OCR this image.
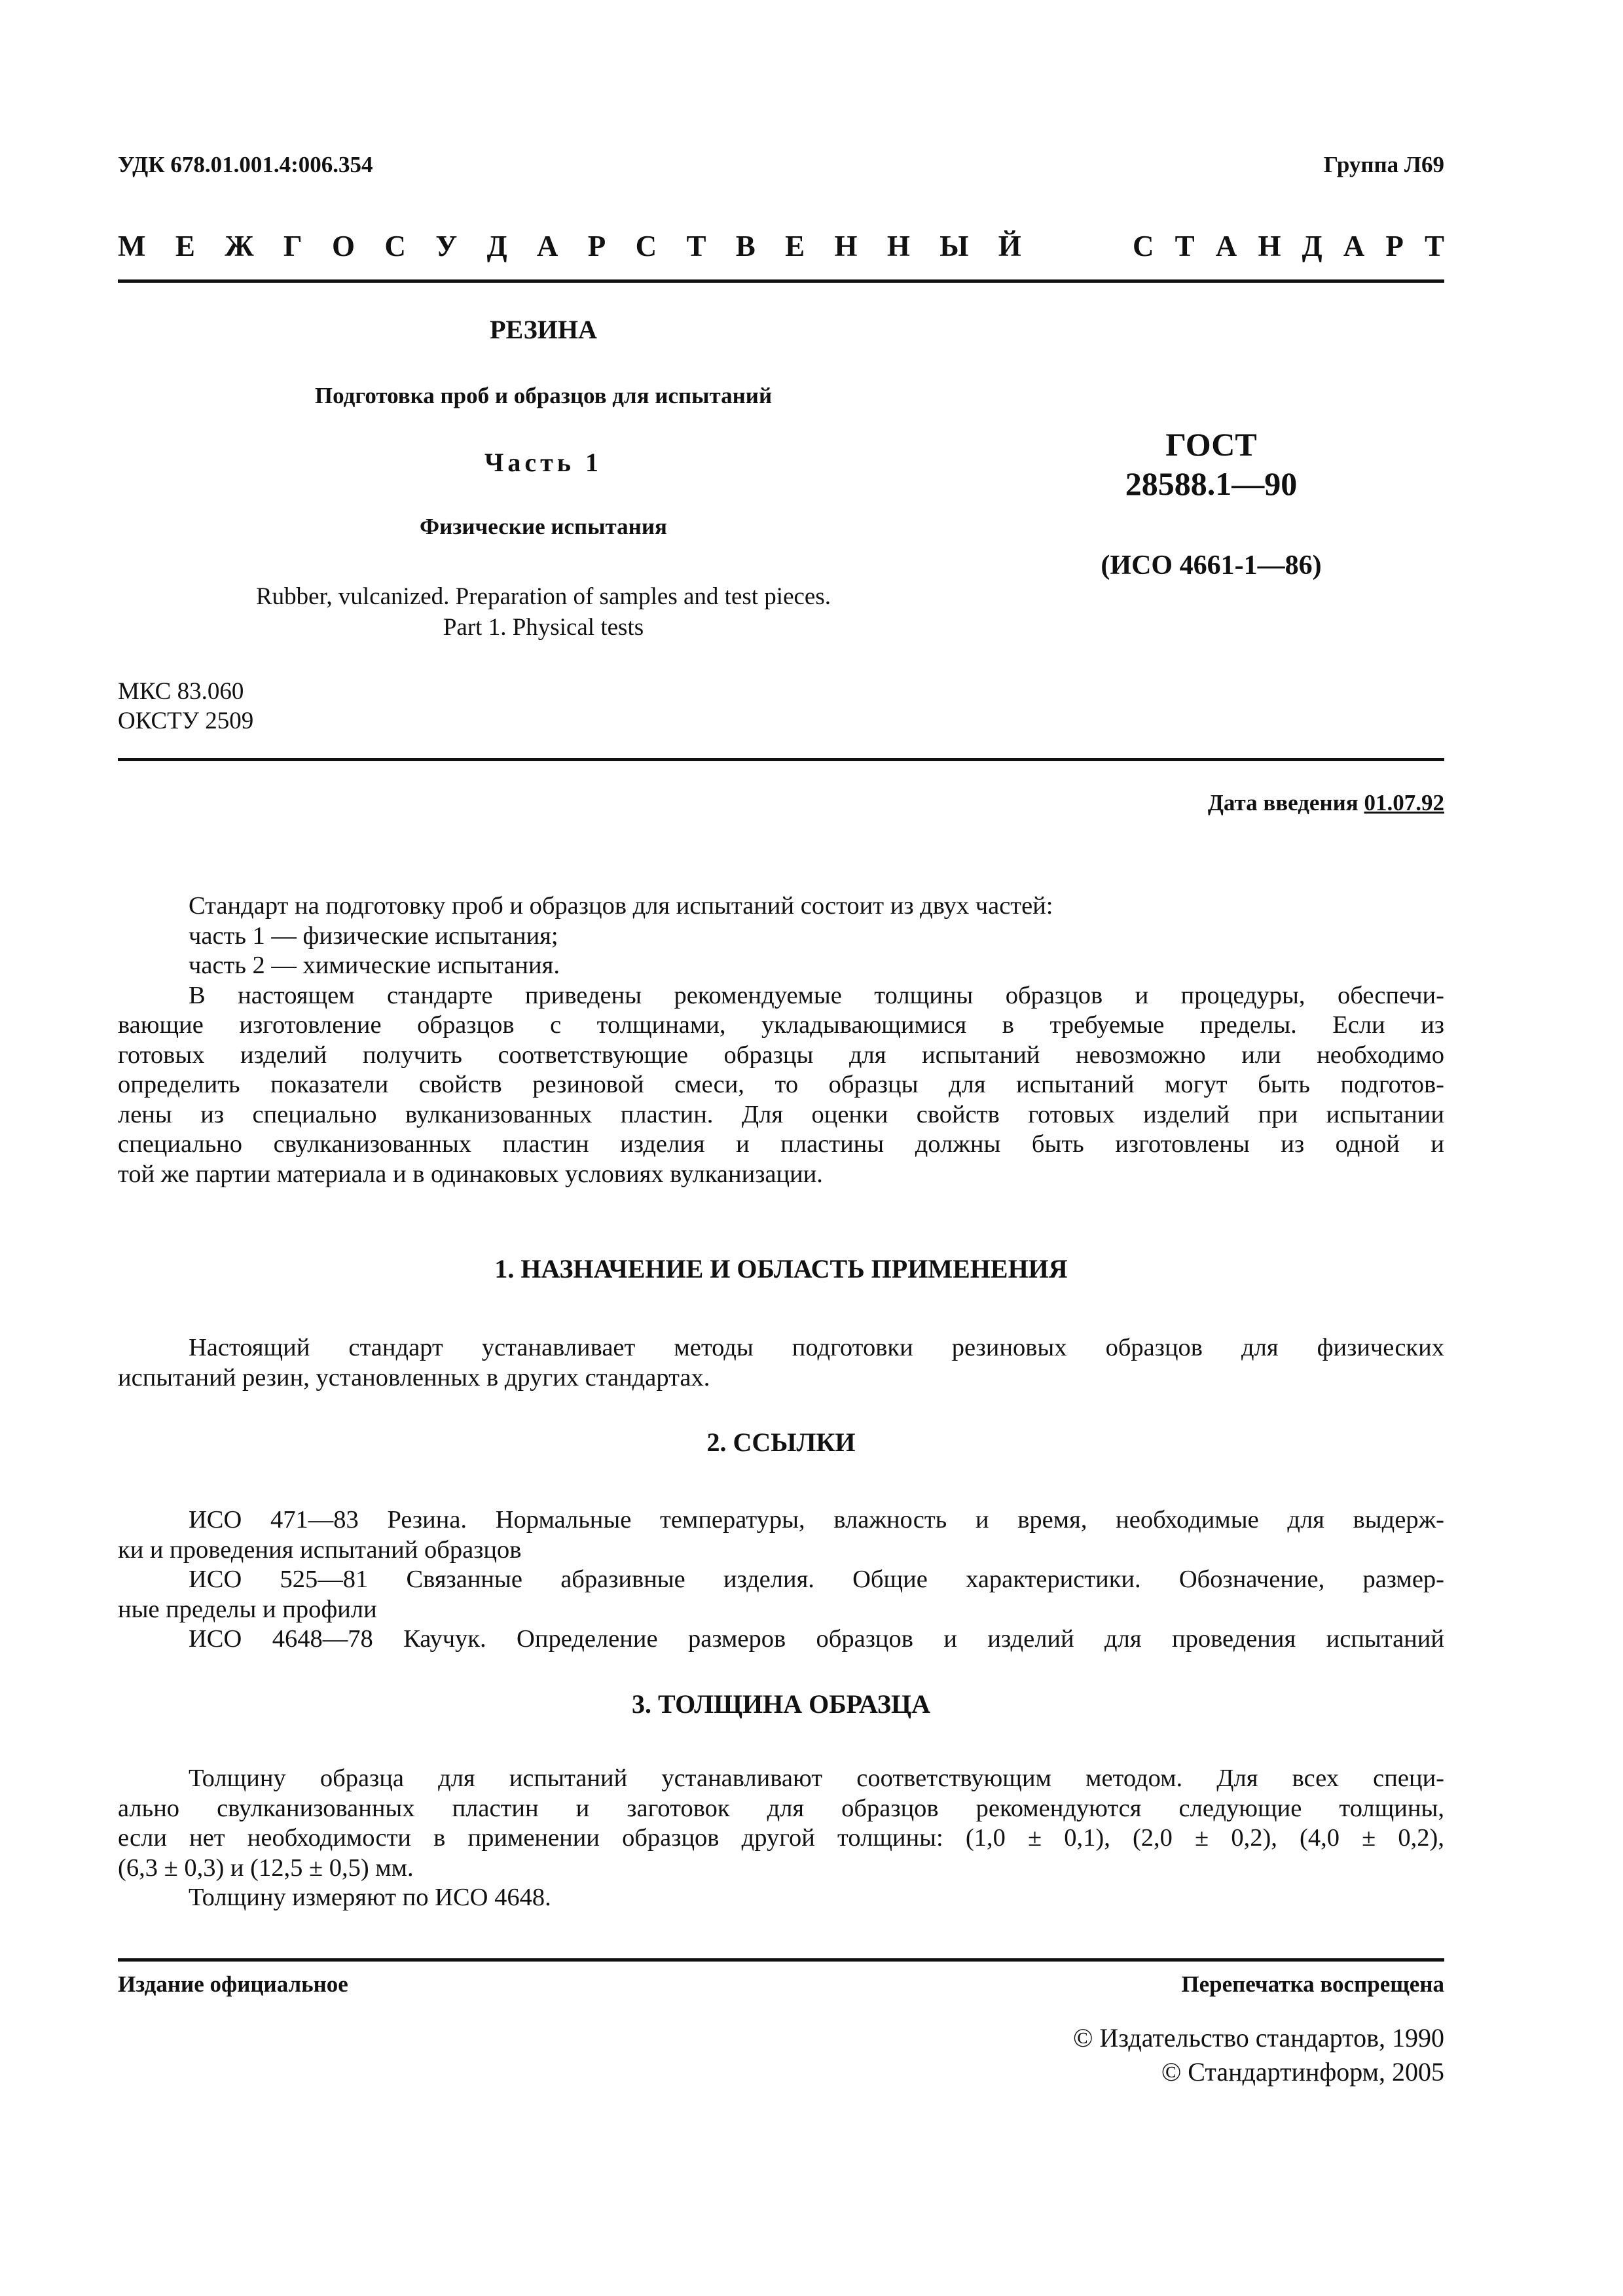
УДК 678.01.001.4:006.354	Группа Л69
М Е Ж Г О С У Д А Р С Т В Е Н Н Ы Й	С Т А Н Д А Р Т
РЕЗИНА
Подготовка проб и образцов для испытаний
Часть 1
Физические испытания
Rubber, vulcanized. Preparation of samples and test pieces.
Part 1. Physical tests
ГОСТ
28588.1—90
(ИСО 4661-1—86)
МКС 83.060
ОКСТУ 2509
Дата введения 01.07.92
Стандарт на подготовку проб и образцов для испытаний состоит из двух частей:
часть 1 — физические испытания;
часть 2 — химические испытания.
В настоящем стандарте приведены рекомендуемые толщины образцов и процедуры, обеспечи-
вающие изготовление образцов с толщинами, укладывающимися в требуемые пределы. Если из
готовых изделий получить соответствующие образцы для испытаний невозможно или необходимо
определить показатели свойств резиновой смеси, то образцы для испытаний могут быть подготов-
лены из специально вулканизованных пластин. Для оценки свойств готовых изделий при испытании
специально свулканизованных пластин изделия и пластины должны быть изготовлены из одной и
той же партии материала и в одинаковых условиях вулканизации.
1. НАЗНАЧЕНИЕ И ОБЛАСТЬ ПРИМЕНЕНИЯ
Настоящий стандарт устанавливает методы подготовки резиновых образцов для физических
испытаний резин, установленных в других стандартах.
2. ССЫЛКИ
ИСО 471—83 Резина. Нормальные температуры, влажность и время, необходимые для выдерж-
ки и проведения испытаний образцов
ИСО 525—81 Связанные абразивные изделия. Общие характеристики. Обозначение, размер-
ные пределы и профили
ИСО 4648—78 Каучук. Определение размеров образцов и изделий для проведения испытаний
3. ТОЛЩИНА ОБРАЗЦА
Толщину образца для испытаний устанавливают соответствующим методом. Для всех специ-
ально свулканизованных пластин и заготовок для образцов рекомендуются следующие толщины,
если нет необходимости в применении образцов другой толщины: (1,0 ± 0,1), (2,0 ± 0,2), (4,0 ± 0,2),
(6,3 ± 0,3) и (12,5 ± 0,5) мм.
Толщину измеряют по ИСО 4648.
Издание официальное	Перепечатка воспрещена
© Издательство стандартов, 1990
© Стандартинформ, 2005
